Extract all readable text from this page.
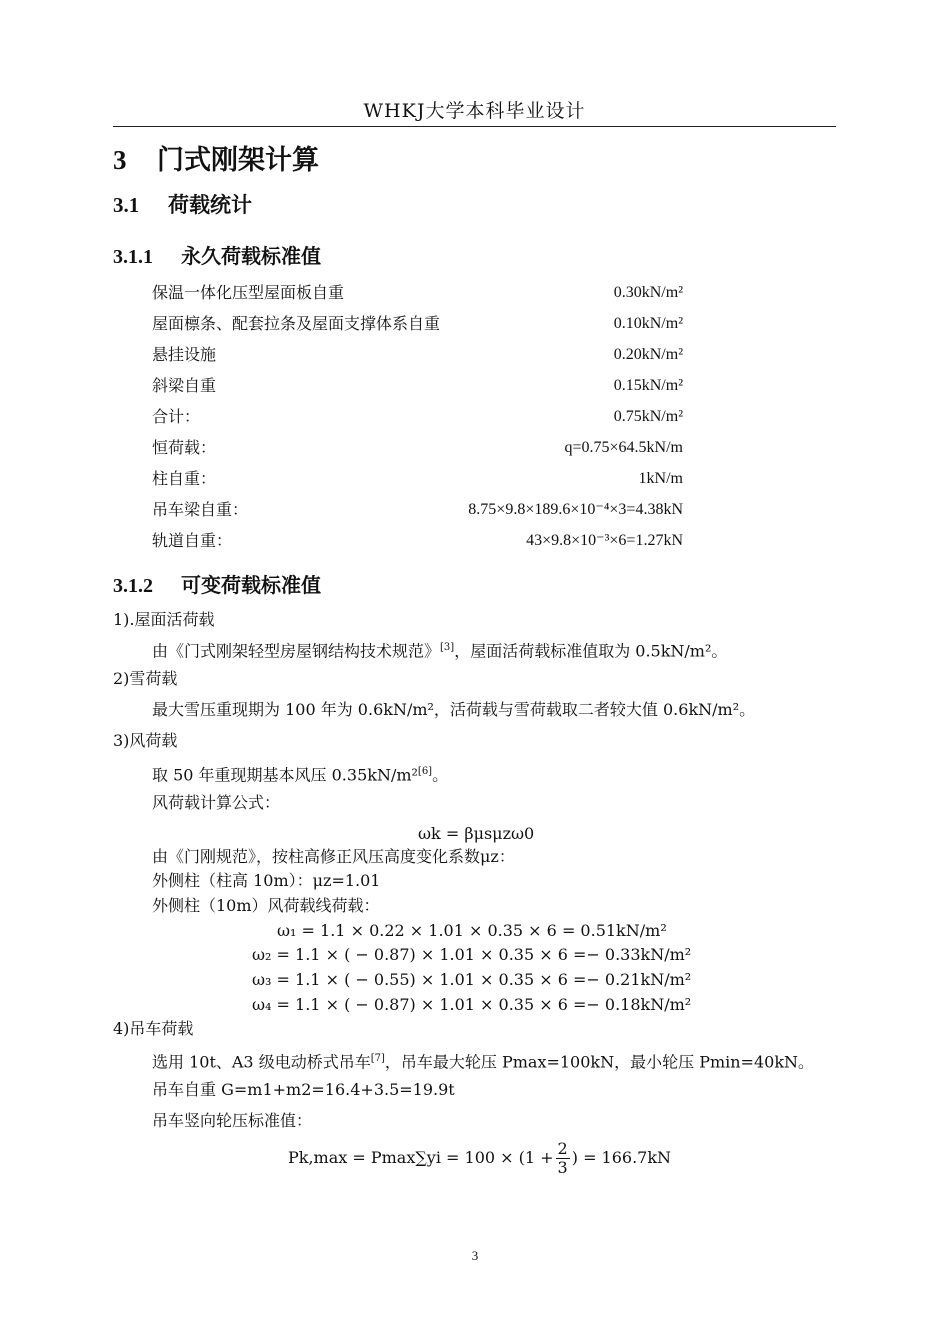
WHKJ大学本科毕业设计
3 门式刚架计算
3.1 荷载统计
3.1.1 永久荷载标准值
保温一体化压型屋面板自重	0.30kN/m²
屋面檩条、配套拉条及屋面支撑体系自重	0.10kN/m²
悬挂设施	0.20kN/m²
斜梁自重	0.15kN/m²
合计：	0.75kN/m²
恒荷载：	q=0.75×64.5kN/m
柱自重：	1kN/m
吊车梁自重：	8.75×9.8×189.6×10⁻⁴×3=4.38kN
轨道自重：	43×9.8×10⁻³×6=1.27kN
3.1.2 可变荷载标准值
1).屋面活荷载
由《门式刚架轻型房屋钢结构技术规范》[3]，屋面活荷载标准值取为 0.5kN/m²。
2)雪荷载
最大雪压重现期为 100 年为 0.6kN/m²，活荷载与雪荷载取二者较大值 0.6kN/m²。
3)风荷载
取 50 年重现期基本风压 0.35kN/m²[6]。
风荷载计算公式：
ωk = βμsμzω0
由《门刚规范》，按柱高修正风压高度变化系数μz：
外侧柱（柱高 10m）：μz=1.01
外侧柱（10m）风荷载线荷载：
ω₁ = 1.1 × 0.22 × 1.01 × 0.35 × 6 = 0.51kN/m²
ω₂ = 1.1 × ( − 0.87) × 1.01 × 0.35 × 6 =− 0.33kN/m²
ω₃ = 1.1 × ( − 0.55) × 1.01 × 0.35 × 6 =− 0.21kN/m²
ω₄ = 1.1 × ( − 0.87) × 1.01 × 0.35 × 6 =− 0.18kN/m²
4)吊车荷载
选用 10t、A3 级电动桥式吊车[7]，吊车最大轮压 Pmax=100kN，最小轮压 Pmin=40kN。
吊车自重 G=m1+m2=16.4+3.5=19.9t
吊车竖向轮压标准值：
$Pk,\max = Pmax\sum yi = 100 \times (1 + \frac{2}{3}$ ) = 166.7kN
3
